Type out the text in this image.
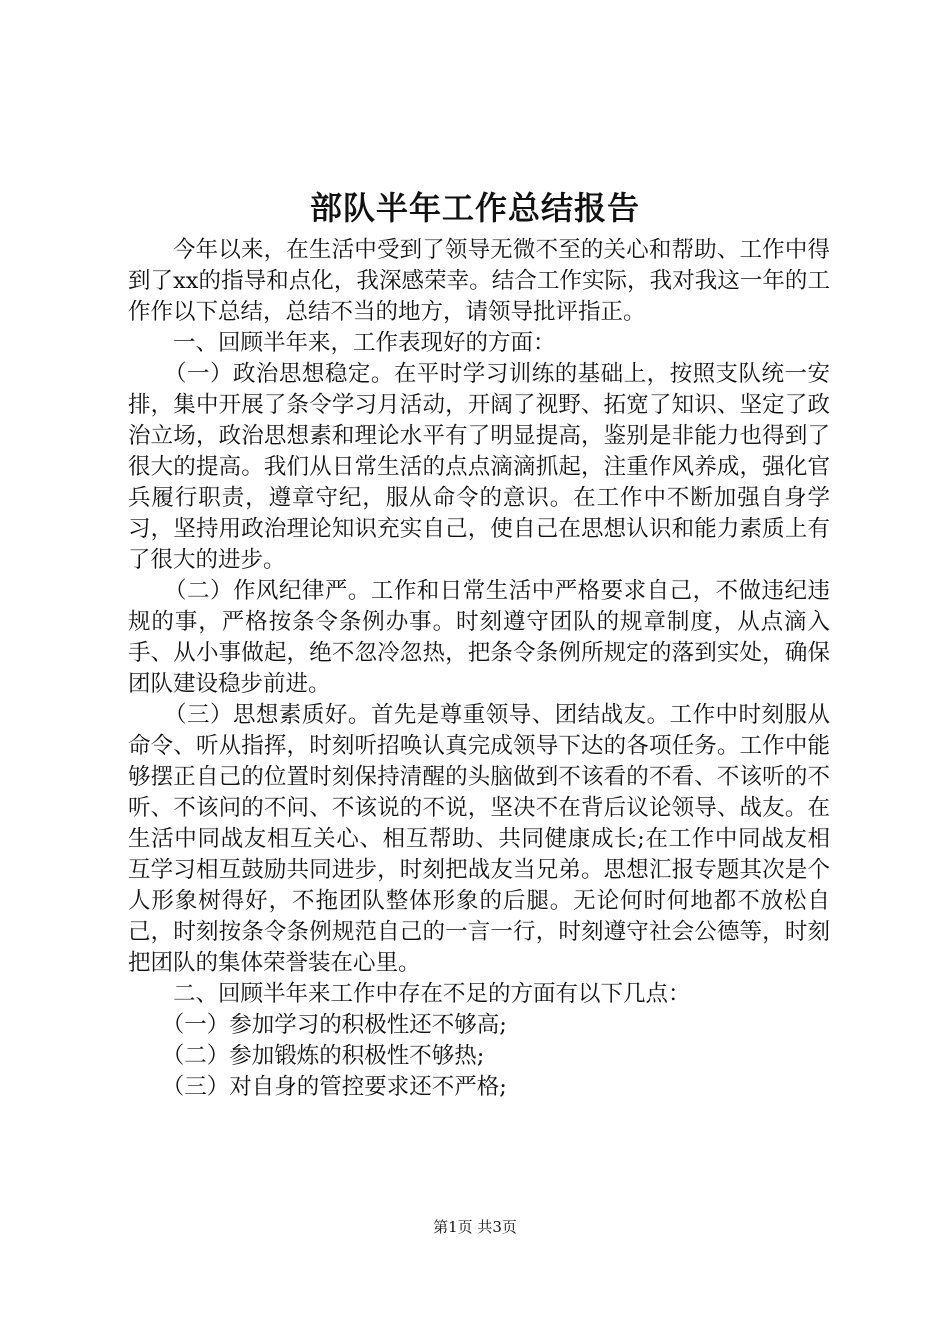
部队半年工作总结报告

今年以来，在生活中受到了领导无微不至的关心和帮助、工作中得到了xx的指导和点化，我深感荣幸。结合工作实际，我对我这一年的工作作以下总结，总结不当的地方，请领导批评指正。

一、回顾半年来，工作表现好的方面：

（一）政治思想稳定。在平时学习训练的基础上，按照支队统一安排，集中开展了条令学习月活动，开阔了视野、拓宽了知识、坚定了政治立场，政治思想素和理论水平有了明显提高，鉴别是非能力也得到了很大的提高。我们从日常生活的点点滴滴抓起，注重作风养成，强化官兵履行职责，遵章守纪，服从命令的意识。在工作中不断加强自身学习，坚持用政治理论知识充实自己，使自己在思想认识和能力素质上有了很大的进步。

（二）作风纪律严。工作和日常生活中严格要求自己，不做违纪违规的事，严格按条令条例办事。时刻遵守团队的规章制度，从点滴入手、从小事做起，绝不忽冷忽热，把条令条例所规定的落到实处，确保团队建设稳步前进。

（三）思想素质好。首先是尊重领导、团结战友。工作中时刻服从命令、听从指挥，时刻听招唤认真完成领导下达的各项任务。工作中能够摆正自己的位置时刻保持清醒的头脑做到不该看的不看、不该听的不听、不该问的不问、不该说的不说，坚决不在背后议论领导、战友。在生活中同战友相互关心、相互帮助、共同健康成长;在工作中同战友相互学习相互鼓励共同进步，时刻把战友当兄弟。思想汇报专题其次是个人形象树得好，不拖团队整体形象的后腿。无论何时何地都不放松自己，时刻按条令条例规范自己的一言一行，时刻遵守社会公德等，时刻把团队的集体荣誉装在心里。

二、回顾半年来工作中存在不足的方面有以下几点：

（一）参加学习的积极性还不够高;

（二）参加锻炼的积极性不够热;

（三）对自身的管控要求还不严格;

第1页 共3页
